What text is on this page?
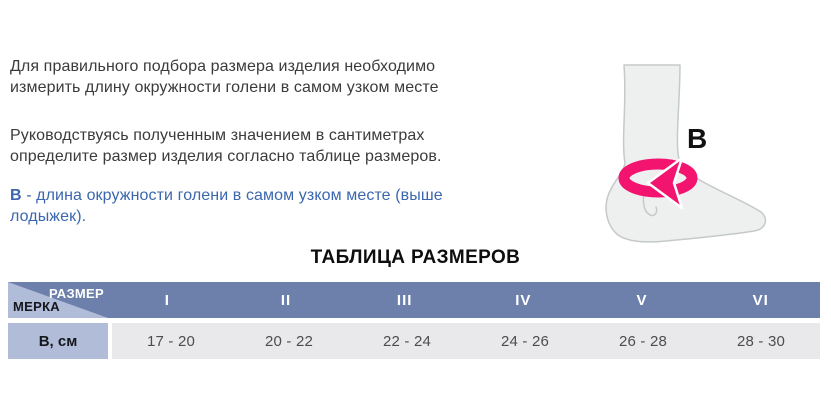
Для правильного подбора размера изделия необходимо измерить длину окружности голени в самом узком месте

Руководствуясь полученным значением в сантиметрах определите размер изделия согласно таблице размеров.

В - длина окружности голени в самом узком месте (выше лодыжек).

В
ТАБЛИЦА РАЗМЕРОВ
РАЗМЕР
МЕРКА	I	II	III	IV	V	VI
В, см	17 - 20	20 - 22	22 - 24	24 - 26	26 - 28	28 - 30
